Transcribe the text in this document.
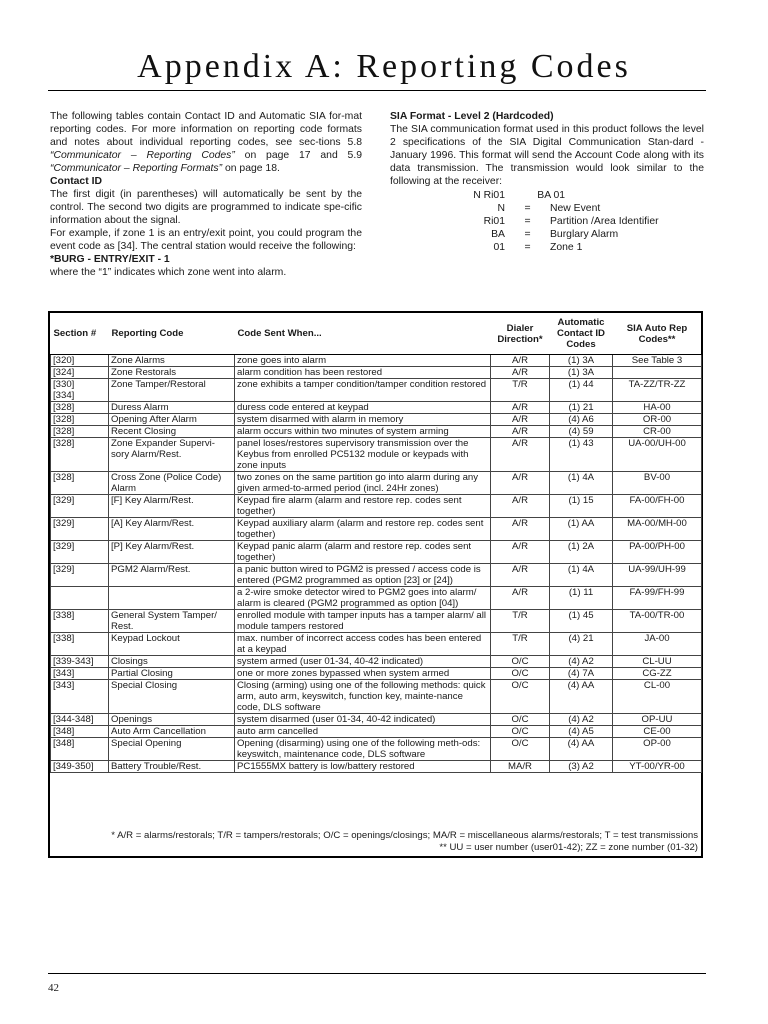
Appendix A: Reporting Codes

The following tables contain Contact ID and Automatic SIA for-mat reporting codes. For more information on reporting code formats and notes about individual reporting codes, see sec-tions 5.8 “Communicator – Reporting Codes” on page 17 and 5.9 “Communicator – Reporting Formats” on page 18.

Contact ID

The first digit (in parentheses) will automatically be sent by the control. The second two digits are programmed to indicate spe-cific information about the signal.

For example, if zone 1 is an entry/exit point, you could program the event code as [34]. The central station would receive the following:

*BURG - ENTRY/EXIT - 1

where the “1” indicates which zone went into alarm.

SIA Format - Level 2 (Hardcoded)

The SIA communication format used in this product follows the level 2 specifications of the SIA Digital Communication Stan-dard - January 1996. This format will send the Account Code along with its data transmission. The transmission would look similar to the following at the receiver:

N Ri01	BA 01
N	=	New Event
Ri01	=	Partition /Area Identifier
BA	=	Burglary Alarm
01	=	Zone 1
Section #	Reporting Code	Code Sent When...	Dialer Direction*	Automatic Contact ID Codes	SIA Auto Rep Codes**
[320]	Zone Alarms	zone goes into alarm	A/R	(1) 3A	See Table 3
[324]	Zone Restorals	alarm condition has been restored	A/R	(1) 3A	
[330]
[334]	Zone Tamper/Restoral	zone exhibits a tamper condition/tamper condition restored	T/R	(1) 44	TA-ZZ/TR-ZZ
[328]	Duress Alarm	duress code entered at keypad	A/R	(1) 21	HA-00
[328]	Opening After Alarm	system disarmed with alarm in memory	A/R	(4) A6	OR-00
[328]	Recent Closing	alarm occurs within two minutes of system arming	A/R	(4) 59	CR-00
[328]	Zone Expander Supervi-sory Alarm/Rest.	panel loses/restores supervisory transmission over the Keybus from enrolled PC5132 module or keypads with zone inputs	A/R	(1) 43	UA-00/UH-00
[328]	Cross Zone (Police Code) Alarm	two zones on the same partition go into alarm during any given armed-to-armed period (incl. 24Hr zones)	A/R	(1) 4A	BV-00
[329]	[F] Key Alarm/Rest.	Keypad fire alarm (alarm and restore rep. codes sent together)	A/R	(1) 15	FA-00/FH-00
[329]	[A] Key Alarm/Rest.	Keypad auxiliary alarm (alarm and restore rep. codes sent together)	A/R	(1) AA	MA-00/MH-00
[329]	[P] Key Alarm/Rest.	Keypad panic alarm (alarm and restore rep. codes sent together)	A/R	(1) 2A	PA-00/PH-00
[329]	PGM2 Alarm/Rest.	a panic button wired to PGM2 is pressed / access code is entered (PGM2 programmed as option [23] or [24])	A/R	(1) 4A	UA-99/UH-99
		a 2-wire smoke detector wired to PGM2 goes into alarm/ alarm is cleared (PGM2 programmed as option [04])	A/R	(1) 11	FA-99/FH-99
[338]	General System Tamper/ Rest.	enrolled module with tamper inputs has a tamper alarm/ all module tampers restored	T/R	(1) 45	TA-00/TR-00
[338]	Keypad Lockout	max. number of incorrect access codes has been entered at a keypad	T/R	(4) 21	JA-00
[339-343]	Closings	system armed (user 01-34, 40-42 indicated)	O/C	(4) A2	CL-UU
[343]	Partial Closing	one or more zones bypassed when system armed	O/C	(4) 7A	CG-ZZ
[343]	Special Closing	Closing (arming) using one of the following methods: quick arm, auto arm, keyswitch, function key, mainte-nance code, DLS software	O/C	(4) AA	CL-00
[344-348]	Openings	system disarmed (user 01-34, 40-42 indicated)	O/C	(4) A2	OP-UU
[348]	Auto Arm Cancellation	auto arm cancelled	O/C	(4) A5	CE-00
[348]	Special Opening	Opening (disarming) using one of the following meth-ods: keyswitch, maintenance code, DLS software	O/C	(4) AA	OP-00
[349-350]	Battery Trouble/Rest.	PC1555MX battery is low/battery restored	MA/R	(3) A2	YT-00/YR-00
* A/R = alarms/restorals; T/R = tampers/restorals; O/C = openings/closings; MA/R = miscellaneous alarms/restorals; T = test transmissions
** UU = user number (user01-42); ZZ = zone number (01-32)
42
